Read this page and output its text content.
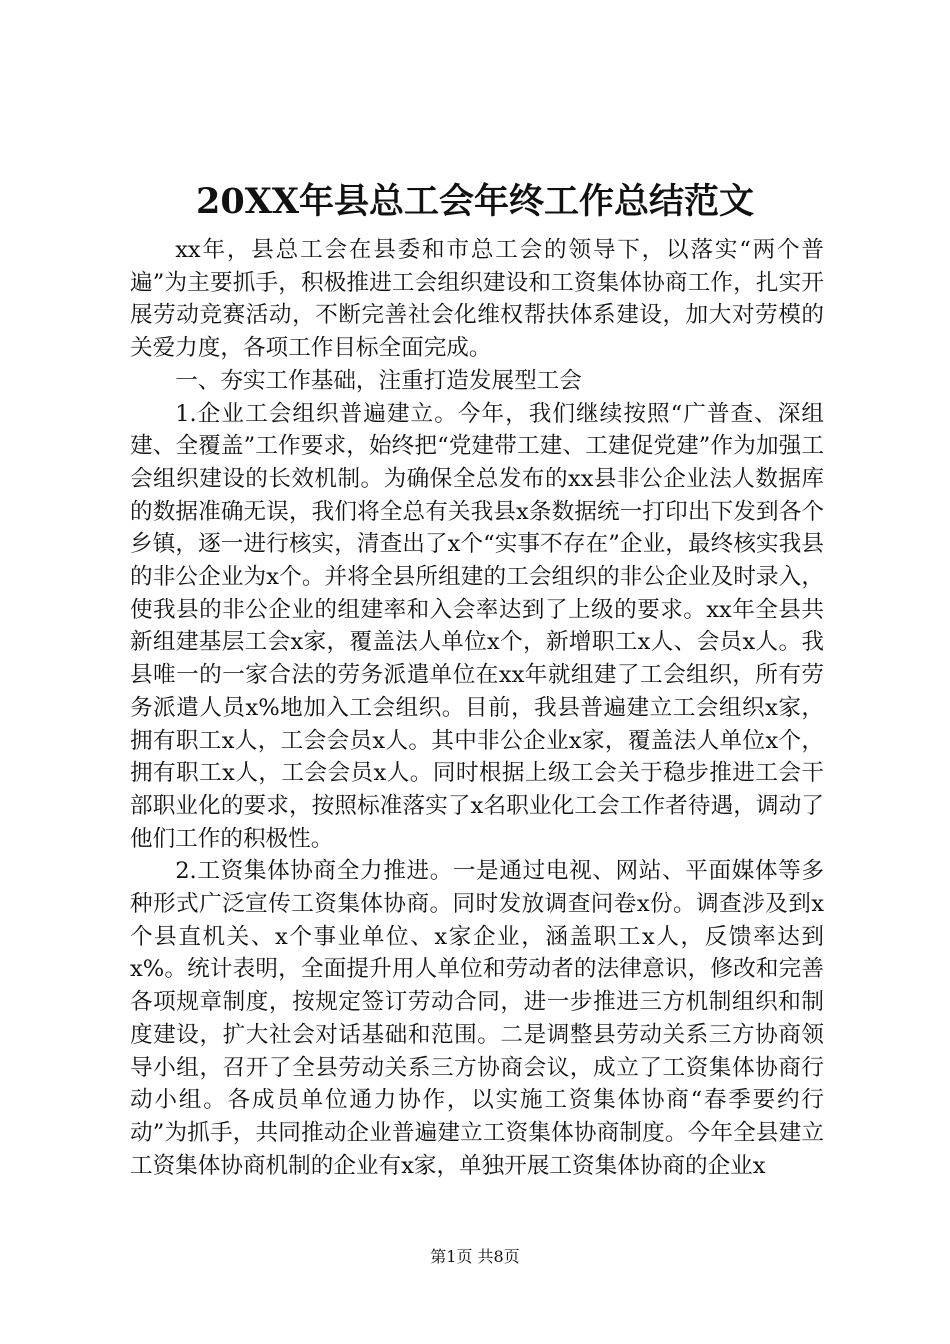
20XX年县总工会年终工作总结范文

xx年，县总工会在县委和市总工会的领导下，以落实“两个普遍”为主要抓手，积极推进工会组织建设和工资集体协商工作，扎实开展劳动竞赛活动，不断完善社会化维权帮扶体系建设，加大对劳模的关爱力度，各项工作目标全面完成。

一、夯实工作基础，注重打造发展型工会

1.企业工会组织普遍建立。今年，我们继续按照“广普查、深组建、全覆盖”工作要求，始终把“党建带工建、工建促党建”作为加强工会组织建设的长效机制。为确保全总发布的xx县非公企业法人数据库的数据准确无误，我们将全总有关我县x条数据统一打印出下发到各个乡镇，逐一进行核实，清查出了x个“实事不存在”企业，最终核实我县的非公企业为x个。并将全县所组建的工会组织的非公企业及时录入，使我县的非公企业的组建率和入会率达到了上级的要求。xx年全县共新组建基层工会x家，覆盖法人单位x个，新增职工x人、会员x人。我县唯一的一家合法的劳务派遣单位在xx年就组建了工会组织，所有劳务派遣人员x%地加入工会组织。目前，我县普遍建立工会组织x家，拥有职工x人，工会会员x人。其中非公企业x家，覆盖法人单位x个，拥有职工x人，工会会员x人。同时根据上级工会关于稳步推进工会干部职业化的要求，按照标准落实了x名职业化工会工作者待遇，调动了他们工作的积极性。

2.工资集体协商全力推进。一是通过电视、网站、平面媒体等多种形式广泛宣传工资集体协商。同时发放调查问卷x份。调查涉及到x个县直机关、x个事业单位、x家企业，涵盖职工x人，反馈率达到x%。统计表明，全面提升用人单位和劳动者的法律意识，修改和完善各项规章制度，按规定签订劳动合同，进一步推进三方机制组织和制度建设，扩大社会对话基础和范围。二是调整县劳动关系三方协商领导小组，召开了全县劳动关系三方协商会议，成立了工资集体协商行动小组。各成员单位通力协作，以实施工资集体协商“春季要约行动”为抓手，共同推动企业普遍建立工资集体协商制度。今年全县建立工资集体协商机制的企业有x家，单独开展工资集体协商的企业x

第1页 共8页
